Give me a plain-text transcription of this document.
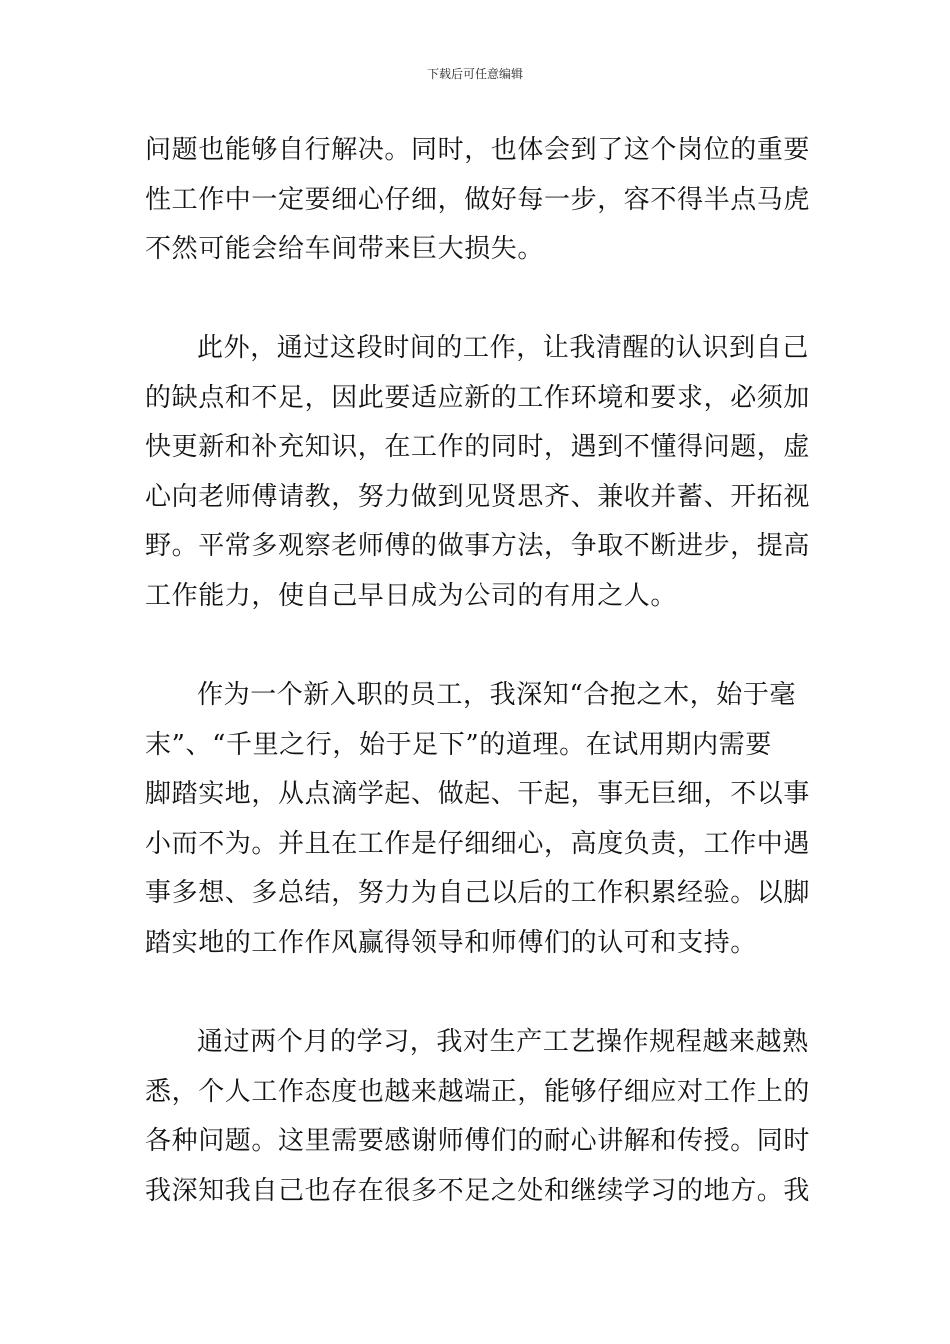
下载后可任意编辑
问题也能够自行解决。同时，也体会到了这个岗位的重要
性工作中一定要细心仔细，做好每一步，容不得半点马虎
不然可能会给车间带来巨大损失。
此外，通过这段时间的工作，让我清醒的认识到自己
的缺点和不足，因此要适应新的工作环境和要求，必须加
快更新和补充知识，在工作的同时，遇到不懂得问题，虚
心向老师傅请教，努力做到见贤思齐、兼收并蓄、开拓视
野。平常多观察老师傅的做事方法，争取不断进步，提高
工作能力，使自己早日成为公司的有用之人。
作为一个新入职的员工，我深知“合抱之木，始于毫
末”、“千里之行，始于足下”的道理。在试用期内需要
脚踏实地，从点滴学起、做起、干起，事无巨细，不以事
小而不为。并且在工作是仔细细心，高度负责，工作中遇
事多想、多总结，努力为自己以后的工作积累经验。以脚
踏实地的工作作风赢得领导和师傅们的认可和支持。
通过两个月的学习，我对生产工艺操作规程越来越熟
悉，个人工作态度也越来越端正，能够仔细应对工作上的
各种问题。这里需要感谢师傅们的耐心讲解和传授。同时
我深知我自己也存在很多不足之处和继续学习的地方。我
